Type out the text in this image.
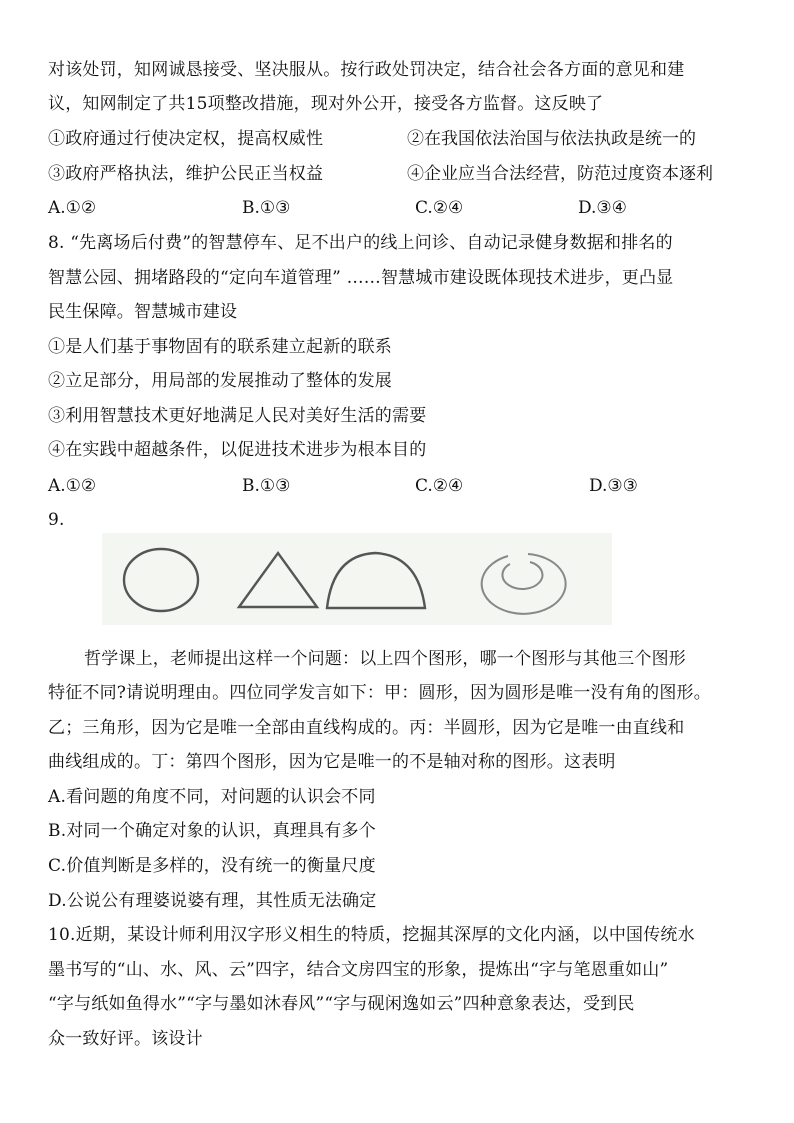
对该处罚，知网诚恳接受、坚决服从。按行政处罚决定，结合社会各方面的意见和建
议，知网制定了共15项整改措施，现对外公开，接受各方监督。这反映了
①政府通过行使决定权，提高权威性	②在我国依法治国与依法执政是统一的
③政府严格执法，维护公民正当权益	④企业应当合法经营，防范过度资本逐利
A.①②	B.①③	C.②④	D.③④
8. “先离场后付费”的智慧停车、足不出户的线上问诊、自动记录健身数据和排名的
智慧公园、拥堵路段的“定向车道管理” ……智慧城市建设既体现技术进步，更凸显
民生保障。智慧城市建设
①是人们基于事物固有的联系建立起新的联系
②立足部分，用局部的发展推动了整体的发展
③利用智慧技术更好地满足人民对美好生活的需要
④在实践中超越条件，以促进技术进步为根本目的
A.①②	B.①③	C.②④	D.③③
9.
哲学课上，老师提出这样一个问题：以上四个图形，哪一个图形与其他三个图形
特征不同?请说明理由。四位同学发言如下：甲：圆形，因为圆形是唯一没有角的图形。
乙；三角形，因为它是唯一全部由直线构成的。丙：半圆形，因为它是唯一由直线和
曲线组成的。丁：第四个图形，因为它是唯一的不是轴对称的图形。这表明
A.看问题的角度不同，对问题的认识会不同
B.对同一个确定对象的认识，真理具有多个
C.价值判断是多样的，没有统一的衡量尺度
D.公说公有理婆说婆有理，其性质无法确定
10.近期，某设计师利用汉字形义相生的特质，挖掘其深厚的文化内涵，以中国传统水
墨书写的“山、水、风、云”四字，结合文房四宝的形象，提炼出“字与笔恩重如山”
“字与纸如鱼得水”“字与墨如沐春风”“字与砚闲逸如云”四种意象表达，受到民
众一致好评。该设计
